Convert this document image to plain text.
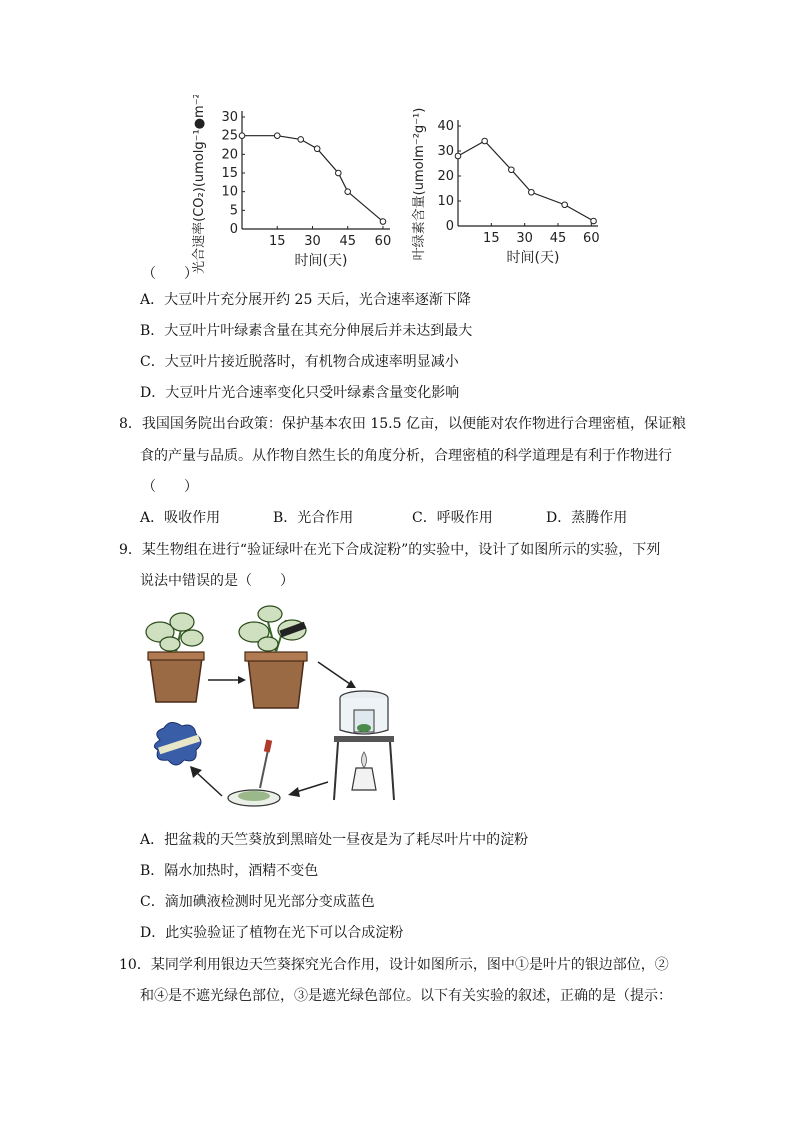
0
5
10
15
20
25
30
15 30 45 60
时间(天)
光合速率(CO₂)(umolg⁻¹●m⁻²)	0
10
20
30
40
15 30 45 60
时间(天)
叶绿素含量(umolm⁻²g⁻¹)
（　　）
A．大豆叶片充分展开约 25 天后，光合速率逐渐下降
B．大豆叶片叶绿素含量在其充分伸展后并未达到最大
C．大豆叶片接近脱落时，有机物合成速率明显减小
D．大豆叶片光合速率变化只受叶绿素含量变化影响
8．我国国务院出台政策：保护基本农田 15.5 亿亩，以便能对农作物进行合理密植，保证粮
食的产量与品质。从作物自然生长的角度分析，合理密植的科学道理是有利于作物进行
（　　）
A．吸收作用	B．光合作用	C．呼吸作用	D．蒸腾作用
9．某生物组在进行“验证绿叶在光下合成淀粉”的实验中，设计了如图所示的实验，下列
说法中错误的是（　　）
A．把盆栽的天竺葵放到黑暗处一昼夜是为了耗尽叶片中的淀粉
B．隔水加热时，酒精不变色
C．滴加碘液检测时见光部分变成蓝色
D．此实验验证了植物在光下可以合成淀粉
10．某同学利用银边天竺葵探究光合作用，设计如图所示，图中①是叶片的银边部位，②
和④是不遮光绿色部位，③是遮光绿色部位。以下有关实验的叙述，正确的是（提示：
